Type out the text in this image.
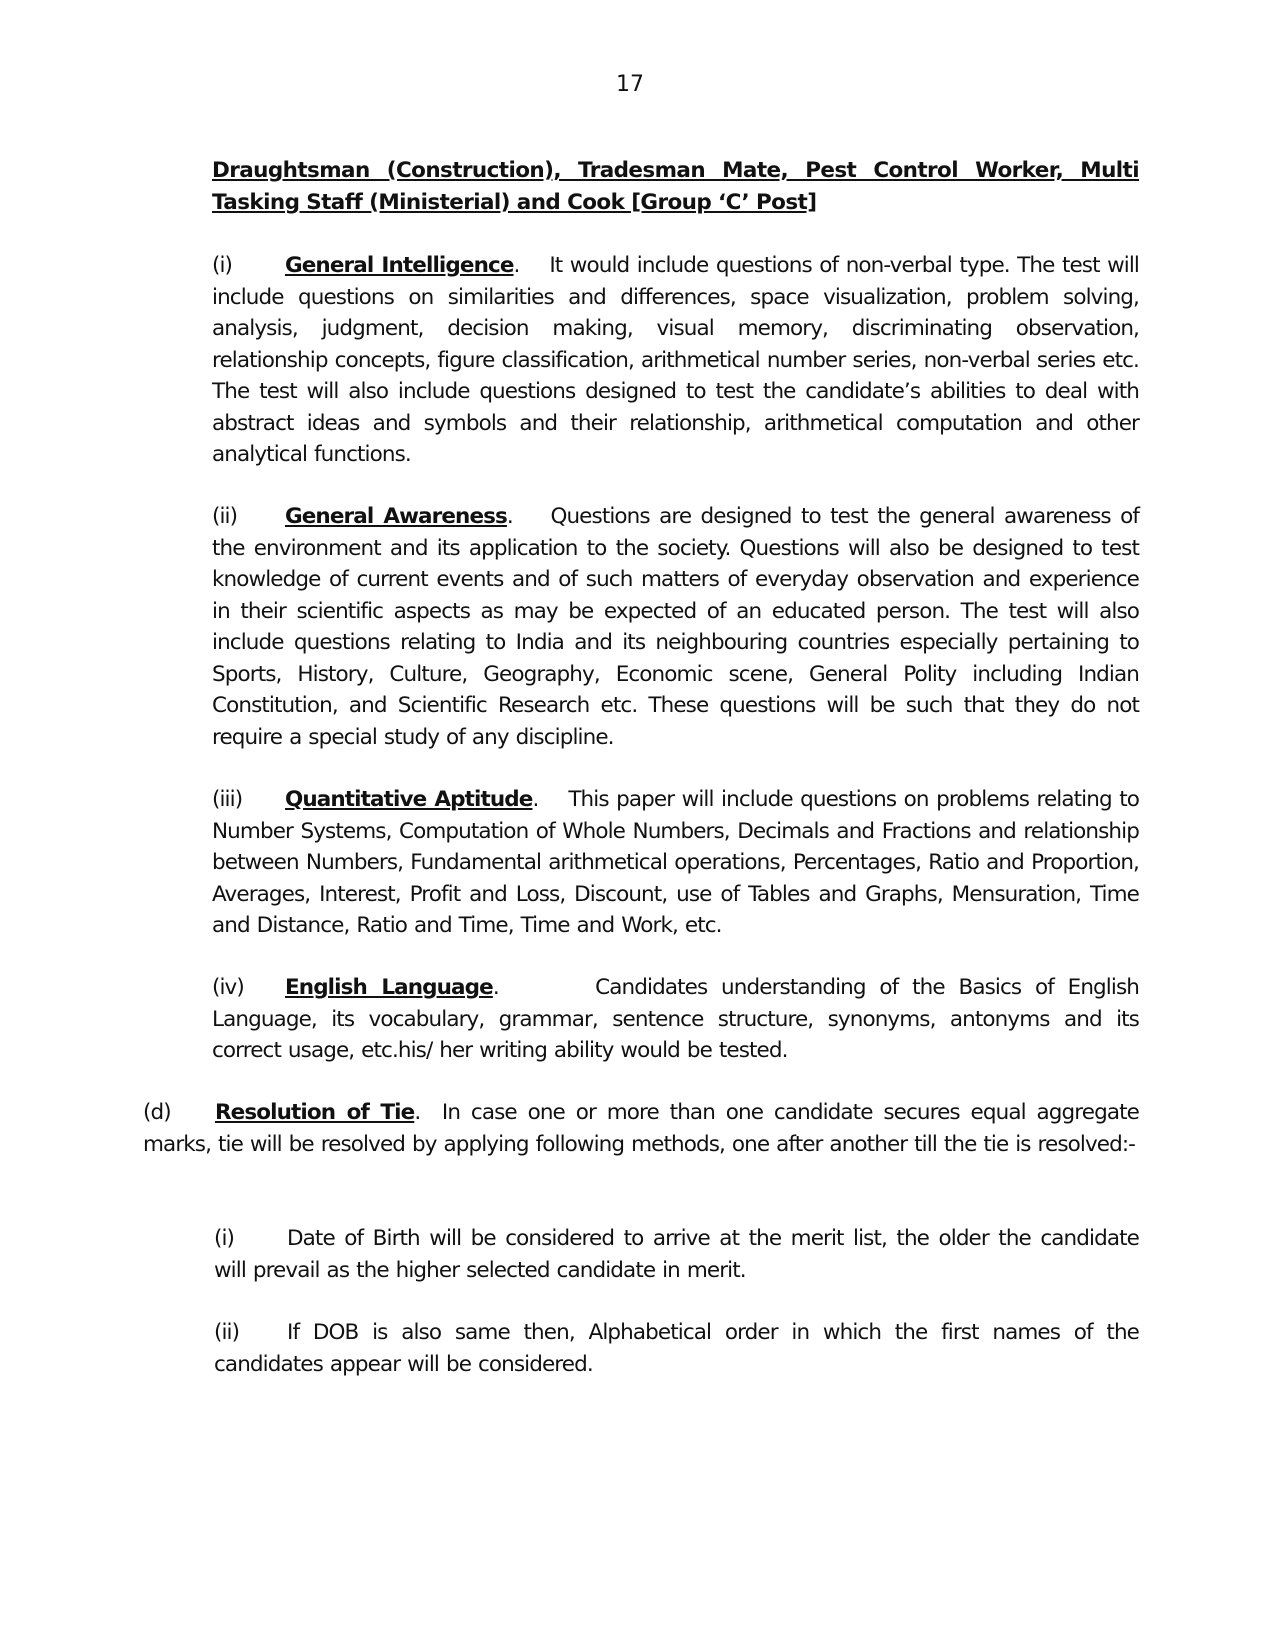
17
Draughtsman (Construction), Tradesman Mate, Pest Control Worker, Multi
Tasking Staff (Ministerial) and Cook [Group ‘C’ Post]
(i) General Intelligence.    It would include questions of non-verbal type. The test will include questions on similarities and differences, space visualization, problem solving, analysis, judgment, decision making, visual memory, discriminating observation, relationship concepts, figure classification, arithmetical number series, non-verbal series etc. The test will also include questions designed to test the candidate’s abilities to deal with abstract ideas and symbols and their relationship, arithmetical computation and other analytical functions.
(ii) General Awareness.    Questions are designed to test the general awareness of the environment and its application to the society. Questions will also be designed to test knowledge of current events and of such matters of everyday observation and experience in their scientific aspects as may be expected of an educated person. The test will also include questions relating to India and its neighbouring countries especially pertaining to Sports, History, Culture, Geography, Economic scene, General Polity including Indian Constitution, and Scientific Research etc. These questions will be such that they do not require a special study of any discipline.
(iii) Quantitative Aptitude.    This paper will include questions on problems relating to Number Systems, Computation of Whole Numbers, Decimals and Fractions and relationship between Numbers, Fundamental arithmetical operations, Percentages, Ratio and Proportion, Averages, Interest, Profit and Loss, Discount, use of Tables and Graphs, Mensuration, Time and Distance, Ratio and Time, Time and Work, etc.
(iv) English Language.       Candidates understanding of the Basics of English Language, its vocabulary, grammar, sentence structure, synonyms, antonyms and its correct usage, etc.his/ her writing ability would be tested.
(d) Resolution of Tie.  In case one or more than one candidate secures equal aggregate marks, tie will be resolved by applying following methods, one after another till the tie is resolved:-
(i) Date of Birth will be considered to arrive at the merit list, the older the candidate will prevail as the higher selected candidate in merit.
(ii) If DOB is also same then, Alphabetical order in which the first names of the candidates appear will be considered.
